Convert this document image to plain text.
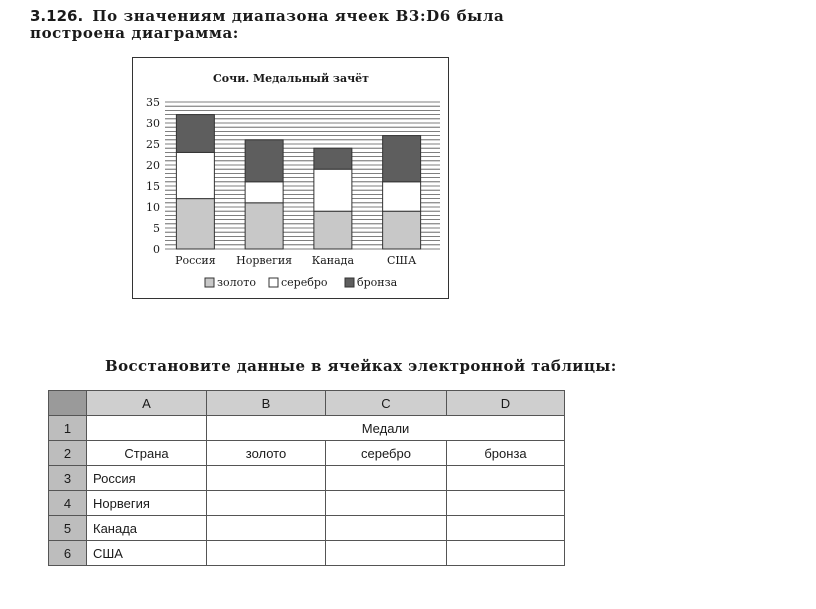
3.126. По значениям диапазона ячеек B3:D6 была построена диаграмма:
Сочи. Медальный зачёт
0
5
10
15
20
25
30
35
Россия Норвегия Канада	США
золото серебро	бронза
Восстановите данные в ячейках электронной таблицы:
	A	B	C	D
1		Медали		
2	Страна	золото	серебро	бронза
3	Россия			
4	Норвегия			
5	Канада			
6	США			
